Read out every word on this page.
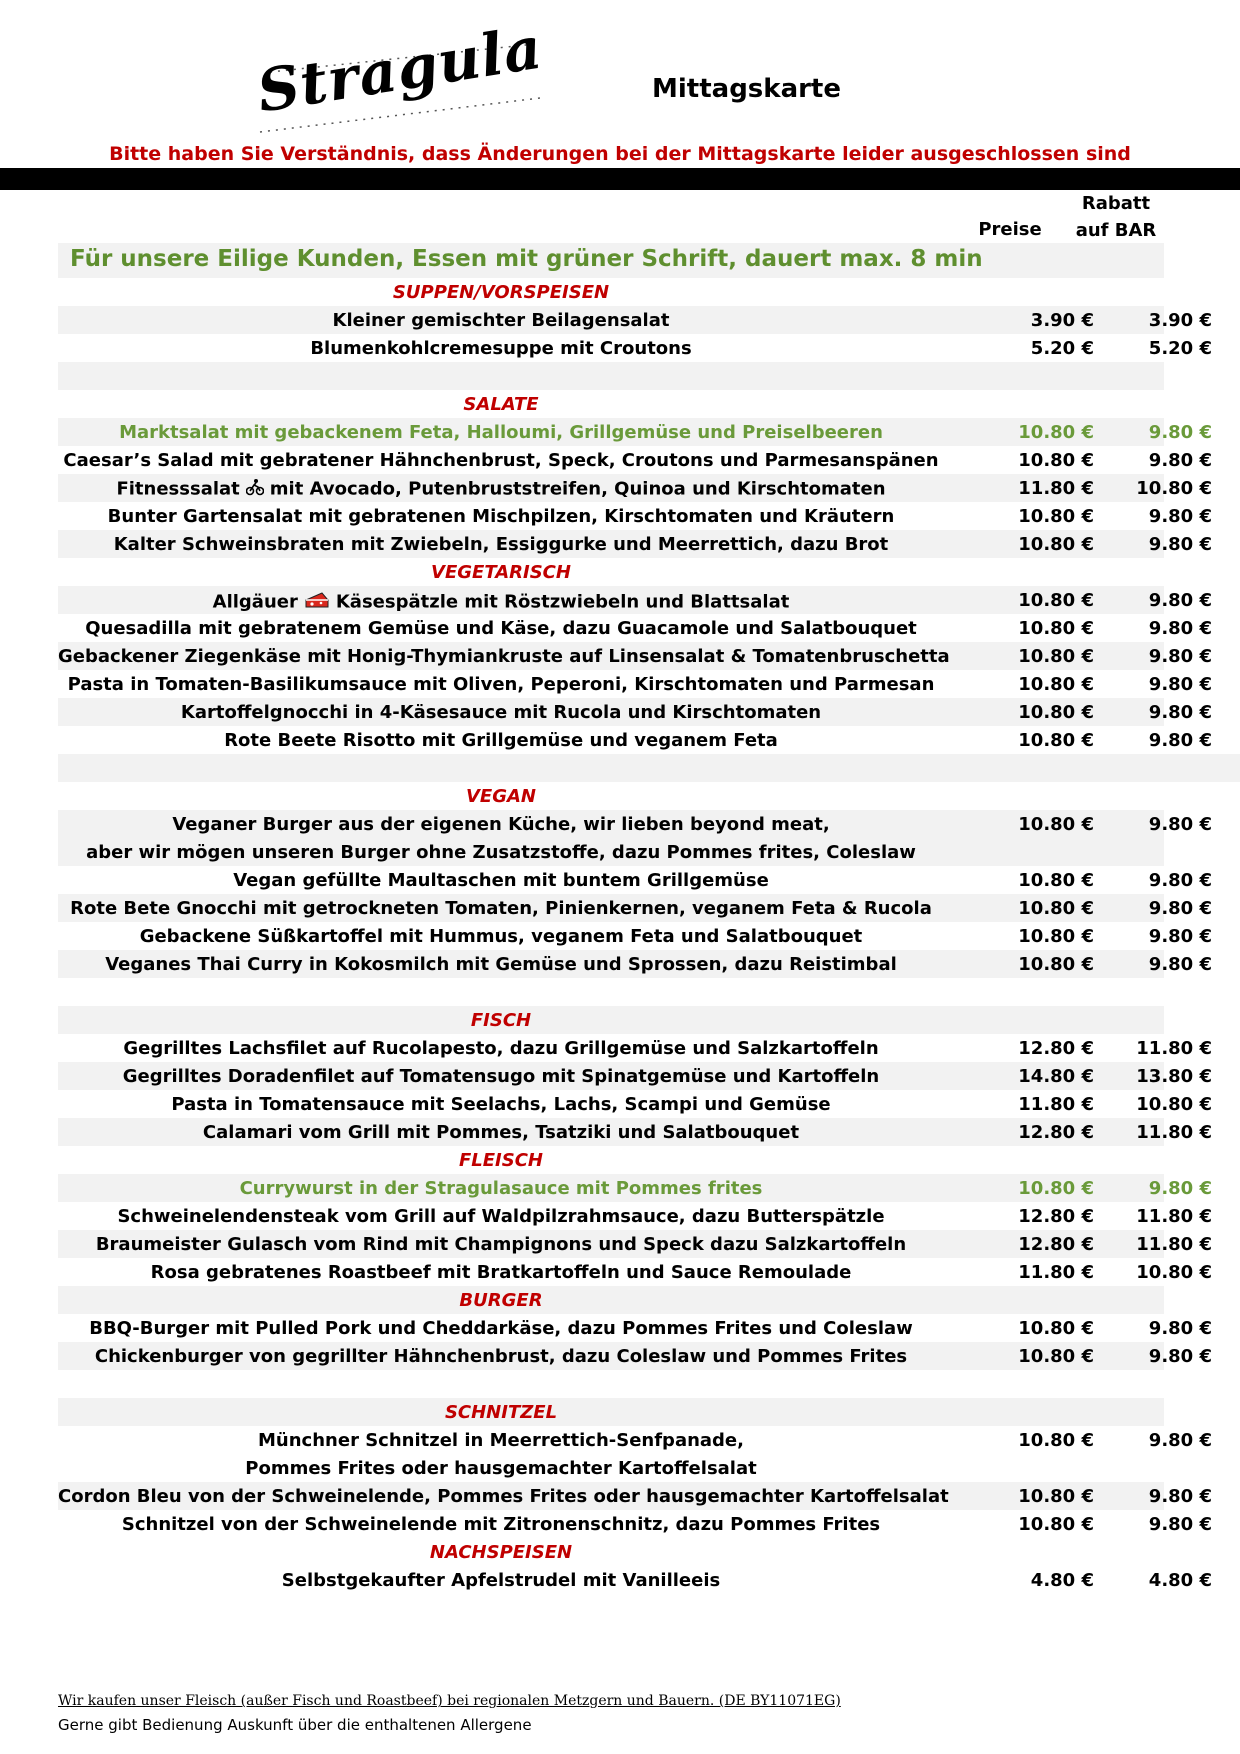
Stragula	Mittagskarte
Bitte haben Sie Verständnis, dass Änderungen bei der Mittagskarte leider ausgeschlossen sind
Preise
Rabatt
auf BAR
Für unsere Eilige Kunden, Essen mit grüner Schrift, dauert max. 8 min
SUPPEN/VORSPEISEN
Kleiner gemischter Beilagensalat	3.90 €	3.90 €
Blumenkohlcremesuppe mit Croutons	5.20 €	5.20 €
SALATE
Marktsalat mit gebackenem Feta, Halloumi, Grillgemüse und Preiselbeeren	10.80 €	9.80 €
Caesar’s Salad mit gebratener Hähnchenbrust, Speck, Croutons und Parmesanspänen	10.80 €	9.80 €
Fitnesssalat mit Avocado, Putenbruststreifen, Quinoa und Kirschtomaten	11.80 €	10.80 €
Bunter Gartensalat mit gebratenen Mischpilzen, Kirschtomaten und Kräutern	10.80 €	9.80 €
Kalter Schweinsbraten mit Zwiebeln, Essiggurke und Meerrettich, dazu Brot	10.80 €	9.80 €
VEGETARISCH
Allgäuer Käsespätzle mit Röstzwiebeln und Blattsalat	10.80 €	9.80 €
Quesadilla mit gebratenem Gemüse und Käse, dazu Guacamole und Salatbouquet	10.80 €	9.80 €
Gebackener Ziegenkäse mit Honig-Thymiankruste auf Linsensalat & Tomatenbruschetta	10.80 €	9.80 €
Pasta in Tomaten-Basilikumsauce mit Oliven, Peperoni, Kirschtomaten und Parmesan	10.80 €	9.80 €
Kartoffelgnocchi in 4-Käsesauce mit Rucola und Kirschtomaten	10.80 €	9.80 €
Rote Beete Risotto mit Grillgemüse und veganem Feta	10.80 €	9.80 €
VEGAN
Veganer Burger aus der eigenen Küche, wir lieben beyond meat,	10.80 €	9.80 €
aber wir mögen unseren Burger ohne Zusatzstoffe, dazu Pommes frites, Coleslaw
Vegan gefüllte Maultaschen mit buntem Grillgemüse	10.80 €	9.80 €
Rote Bete Gnocchi mit getrockneten Tomaten, Pinienkernen, veganem Feta & Rucola	10.80 €	9.80 €
Gebackene Süßkartoffel mit Hummus, veganem Feta und Salatbouquet	10.80 €	9.80 €
Veganes Thai Curry in Kokosmilch mit Gemüse und Sprossen, dazu Reistimbal	10.80 €	9.80 €
FISCH
Gegrilltes Lachsfilet auf Rucolapesto, dazu Grillgemüse und Salzkartoffeln	12.80 €	11.80 €
Gegrilltes Doradenfilet auf Tomatensugo mit Spinatgemüse und Kartoffeln	14.80 €	13.80 €
Pasta in Tomatensauce mit Seelachs, Lachs, Scampi und Gemüse	11.80 €	10.80 €
Calamari vom Grill mit Pommes, Tsatziki und Salatbouquet	12.80 €	11.80 €
FLEISCH
Currywurst in der Stragulasauce mit Pommes frites	10.80 €	9.80 €
Schweinelendensteak vom Grill auf Waldpilzrahmsauce, dazu Butterspätzle	12.80 €	11.80 €
Braumeister Gulasch vom Rind mit Champignons und Speck dazu Salzkartoffeln	12.80 €	11.80 €
Rosa gebratenes Roastbeef mit Bratkartoffeln und Sauce Remoulade	11.80 €	10.80 €
BURGER
BBQ-Burger mit Pulled Pork und Cheddarkäse, dazu Pommes Frites und Coleslaw	10.80 €	9.80 €
Chickenburger von gegrillter Hähnchenbrust, dazu Coleslaw und Pommes Frites	10.80 €	9.80 €
SCHNITZEL
Münchner Schnitzel in Meerrettich-Senfpanade,	10.80 €	9.80 €
Pommes Frites oder hausgemachter Kartoffelsalat
Cordon Bleu von der Schweinelende, Pommes Frites oder hausgemachter Kartoffelsalat	10.80 €	9.80 €
Schnitzel von der Schweinelende mit Zitronenschnitz, dazu Pommes Frites	10.80 €	9.80 €
NACHSPEISEN
Selbstgekaufter Apfelstrudel mit Vanilleeis	4.80 €	4.80 €
Wir kaufen unser Fleisch (außer Fisch und Roastbeef) bei regionalen Metzgern und Bauern. (DE BY11071EG)
Gerne gibt Bedienung Auskunft über die enthaltenen Allergene
